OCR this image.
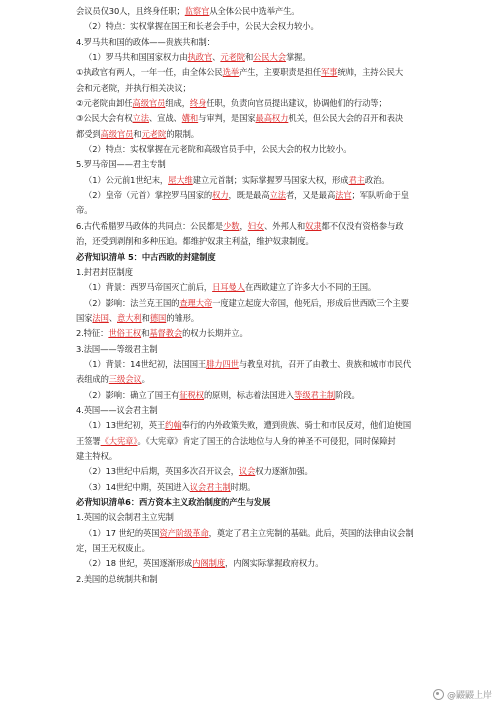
会议员仅30人，且终身任职；监察官从全体公民中选举产生。
（2）特点：实权掌握在国王和长老会手中，公民大会权力较小。
4.罗马共和国的政体——贵族共和制：
（1）罗马共和国国家权力由执政官、元老院和公民大会掌握。
①执政官有两人，一年一任，由全体公民选举产生，主要职责是担任军事统帅，主持公民大
会和元老院，并执行相关决议；
②元老院由卸任高级官员组成，终身任职，负责向官员提出建议，协调他们的行动等；
③公民大会有权立法、宣战、媾和与审判，是国家最高权力机关，但公民大会的召开和表决
都受到高级官员和元老院的限制。
（2）特点：实权掌握在元老院和高级官员手中，公民大会的权力比较小。
5.罗马帝国——君主专制
（1）公元前1世纪末，屋大维建立元首制；实际掌握罗马国家大权，形成君主政治。
（2）皇帝（元首）掌控罗马国家的权力，既是最高立法者，又是最高法官；军队听命于皇
帝。
6.古代希腊罗马政体的共同点：公民都是少数，妇女、外邦人和奴隶都不仅没有资格参与政
治，还受到剥削和多种压迫。都维护奴隶主利益，维护奴隶制度。
必背知识清单 5：中古西欧的封建制度
1.封君封臣制度
（1）背景：西罗马帝国灭亡前后，日耳曼人在西欧建立了许多大小不同的王国。
（2）影响：法兰克王国的查理大帝一度建立起庞大帝国，他死后，形成后世西欧三个主要
国家法国、意大利和德国的雏形。
2.特征：世俗王权和基督教会的权力长期并立。
3.法国——等级君主制
（1）背景：14世纪初，法国国王腓力四世与教皇对抗，召开了由教士、贵族和城市市民代
表组成的三级会议。
（2）影响：确立了国王有征税权的原则，标志着法国进入等级君主制阶段。
4.英国——议会君主制
（1）13世纪初，英王约翰奉行的内外政策失败，遭到贵族、骑士和市民反对，他们迫使国
王签署《大宪章》。《大宪章》肯定了国王的合法地位与人身的神圣不可侵犯，同时保障封
建主特权。
（2）13世纪中后期，英国多次召开议会，议会权力逐渐加强。
（3）14世纪中期，英国进入议会君主制时期。
必背知识清单6：西方资本主义政治制度的产生与发展
1.英国的议会制君主立宪制
（1）17 世纪的英国资产阶级革命，奠定了君主立宪制的基础。此后，英国的法律由议会制
定，国王无权废止。
（2）18 世纪，英国逐渐形成内阁制度，内阁实际掌握政府权力。
2.美国的总统制共和制
@鼹鼹上岸
